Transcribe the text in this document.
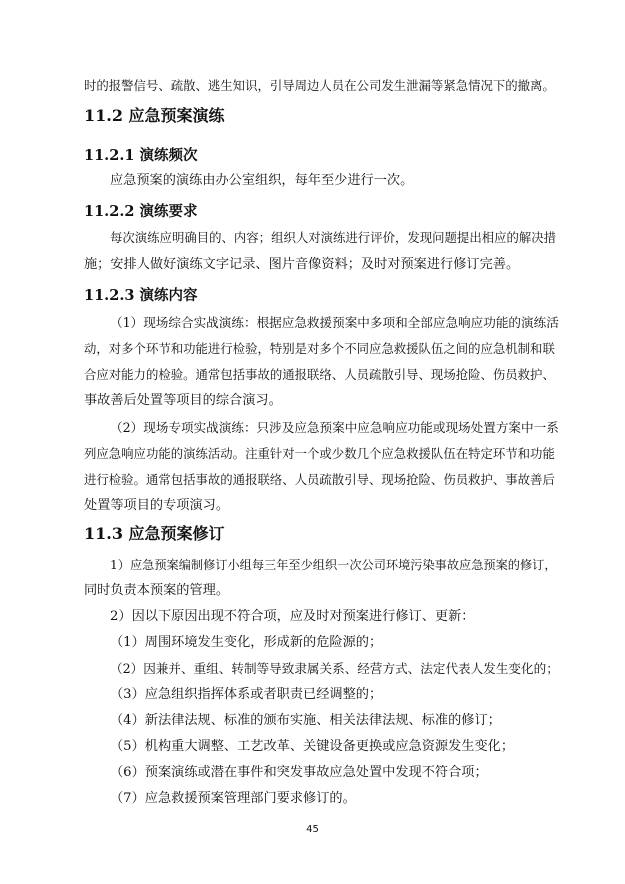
时的报警信号、疏散、逃生知识，引导周边人员在公司发生泄漏等紧急情况下的撤离。
11.2 应急预案演练
11.2.1 演练频次
应急预案的演练由办公室组织，每年至少进行一次。
11.2.2 演练要求
每次演练应明确目的、内容；组织人对演练进行评价，发现问题提出相应的解决措
施；安排人做好演练文字记录、图片音像资料；及时对预案进行修订完善。
11.2.3 演练内容
（1）现场综合实战演练：根据应急救援预案中多项和全部应急响应功能的演练活
动，对多个环节和功能进行检验，特别是对多个不同应急救援队伍之间的应急机制和联
合应对能力的检验。通常包括事故的通报联络、人员疏散引导、现场抢险、伤员救护、
事故善后处置等项目的综合演习。
（2）现场专项实战演练：只涉及应急预案中应急响应功能或现场处置方案中一系
列应急响应功能的演练活动。注重针对一个或少数几个应急救援队伍在特定环节和功能
进行检验。通常包括事故的通报联络、人员疏散引导、现场抢险、伤员救护、事故善后
处置等项目的专项演习。
11.3 应急预案修订
1）应急预案编制修订小组每三年至少组织一次公司环境污染事故应急预案的修订，
同时负责本预案的管理。
2）因以下原因出现不符合项，应及时对预案进行修订、更新：
（1）周围环境发生变化，形成新的危险源的；
（2）因兼并、重组、转制等导致隶属关系、经营方式、法定代表人发生变化的；
（3）应急组织指挥体系或者职责已经调整的；
（4）新法律法规、标准的颁布实施、相关法律法规、标准的修订；
（5）机构重大调整、工艺改革、关键设备更换或应急资源发生变化；
（6）预案演练或潜在事件和突发事故应急处置中发现不符合项；
（7）应急救援预案管理部门要求修订的。
45
